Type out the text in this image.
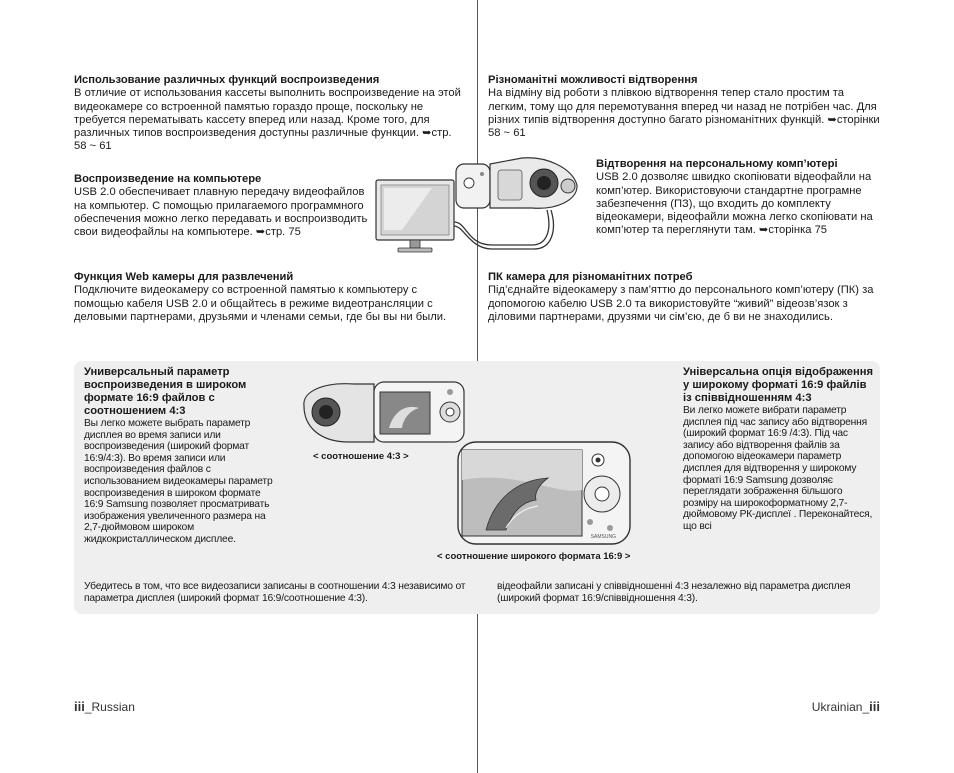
Использование различных функций воспроизведения

В отличие от использования кассеты выполнить воспроизведение на этой видеокамере со встроенной памятью гораздо проще, поскольку не требуется перематывать кассету вперед или назад. Кроме того, для различных типов воспроизведения доступны различные функции. ➥стр. 58 ~ 61

Воспроизведение на компьютере

USB 2.0 обеспечивает плавную передачу видеофайлов на компьютер. С помощью прилагаемого программного обеспечения можно легко передавать и воспроизводить свои видеофайлы на компьютере. ➥стр. 75

Функция Web камеры для развлечений

Подключите видеокамеру со встроенной памятью к компьютеру с помощью кабеля USB 2.0 и общайтесь в режиме видеотрансляции с деловыми партнерами, друзьями и членами семьи, где бы вы ни были.

Різноманітні можливості відтворення

На відміну від роботи з плівкою відтворення тепер стало простим та легким, тому що для перемотування вперед чи назад не потрібен час. Для різних типів відтворення доступно багато різноманітних функцій. ➥сторінки 58 ~ 61

Відтворення на персональному комп’ютері

USB 2.0 дозволяє швидко скопіювати відеофайли на комп’ютер. Використовуючи стандартне програмне забезпечення (ПЗ), що входить до комплекту відеокамери, відеофайли можна легко скопіювати на комп’ютер та переглянути там. ➥сторінка 75

ПК камера для різноманітних потреб

Під’єднайте відеокамеру з пам’яттю до персонального комп’ютеру (ПК) за допомогою кабелю USB 2.0 та використовуйте “живий” відеозв’язок з діловими партнерами, друзями чи сім’єю, де б ви не знаходились.

Универсальный параметр воспроизведения в широком формате 16:9 файлов с соотношением 4:3

Вы легко можете выбрать параметр дисплея во время записи или воспроизведения (широкий формат 16:9/4:3). Во время записи или воспроизведения файлов с использованием видеокамеры параметр воспроизведения в широком формате 16:9 Samsung позволяет просматривать изображения увеличенного размера на 2,7-дюймовом широком жидкокристаллическом дисплее.

Убедитесь в том, что все видеозаписи записаны в соотношении 4:3 независимо от параметра дисплея (широкий формат 16:9/соотношение 4:3).
Універсальна опція відображення у широкому форматі 16:9 файлів із співвідношенням 4:3

Ви легко можете вибрати параметр дисплея під час запису або відтворення (широкий формат 16:9 /4:3). Під час запису або відтворення файлів за допомогою відеокамери параметр дисплея для відтворення у широкому форматі 16:9 Samsung дозволяє переглядати зображення більшого розміру на широкоформатному 2,7-дюймовому РК-дисплеї . Переконайтеся, що всі

відеофайли записані у співвідношенні 4:3 незалежно від параметра дисплея (широкий формат 16:9/співвідношення 4:3).
< соотношение 4:3 >
SAMSUNG
< соотношение широкого формата 16:9 >
iii_Russian	Ukrainian_iii
